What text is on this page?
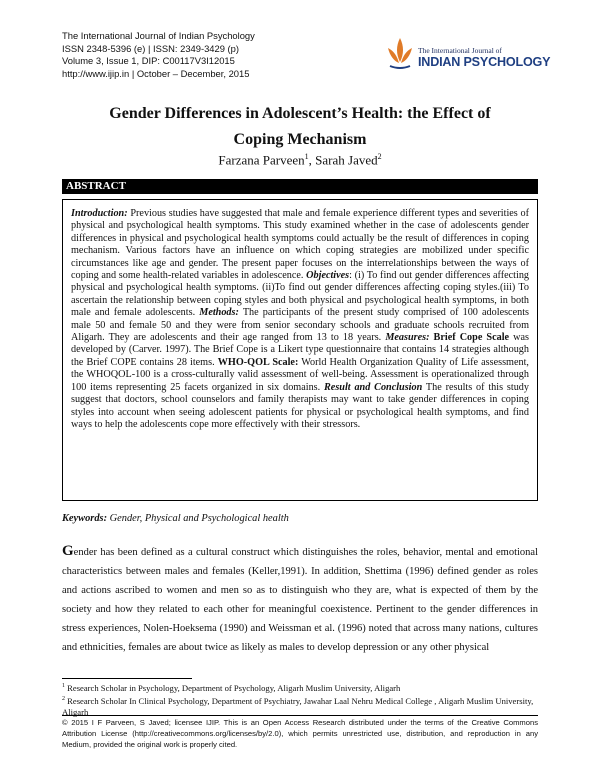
The International Journal of Indian Psychology
ISSN 2348-5396 (e) | ISSN: 2349-3429 (p)
Volume 3, Issue 1, DIP: C00117V3I12015
http://www.ijip.in | October – December, 2015
The International Journal of
INDIAN PSYCHOLOGY
Gender Differences in Adolescent’s Health: the Effect of
Coping Mechanism
Farzana Parveen$^1$, Sarah Javed$^2$
ABSTRACT
Introduction: Previous studies have suggested that male and female experience different types and severities of physical and psychological health symptoms. This study examined whether in the case of adolescents gender differences in physical and psychological health symptoms could actually be the result of differences in coping mechanism. Various factors have an influence on which coping strategies are mobilized under specific circumstances like age and gender. The present paper focuses on the interrelationships between the ways of coping and some health-related variables in adolescence. Objectives: (i) To find out gender differences affecting physical and psychological health symptoms. (ii)To find out gender differences affecting coping styles.(iii) To ascertain the relationship between coping styles and both physical and psychological health symptoms, in both male and female adolescents. Methods: The participants of the present study comprised of 100 adolescents male 50 and female 50 and they were from senior secondary schools and graduate schools recruited from Aligarh. They are adolescents and their age ranged from 13 to 18 years. Measures: Brief Cope Scale was developed by (Carver. 1997). The Brief Cope is a Likert type questionnaire that contains 14 strategies although the Brief COPE contains 28 items. WHO-QOL Scale: World Health Organization Quality of Life assessment, the WHOQOL-100 is a cross-culturally valid assessment of well-being. Assessment is operationalized through 100 items representing 25 facets organized in six domains. Result and Conclusion The results of this study suggest that doctors, school counselors and family therapists may want to take gender differences in coping styles into account when seeing adolescent patients for physical or psychological health symptoms, and find ways to help the adolescents cope more effectively with their stressors.
Keywords: Gender, Physical and Psychological health
Gender has been defined as a cultural construct which distinguishes the roles, behavior, mental and emotional characteristics between males and females (Keller,1991). In addition, Shettima (1996) defined gender as roles and actions ascribed to women and men so as to distinguish who they are, what is expected of them by the society and how they related to each other for meaningful coexistence. Pertinent to the gender differences in stress experiences, Nolen-Hoeksema (1990) and Weissman et al. (1996) noted that across many nations, cultures and ethnicities, females are about twice as likely as males to develop depression or any other physical
$^1$ Research Scholar in Psychology, Department of Psychology, Aligarh Muslim University, Aligarh
$^2$ Research Scholar In Clinical Psychology, Department of Psychiatry, Jawahar Laal Nehru Medical College , Aligarh Muslim University, Aligarh
© 2015 I F Parveen, S Javed; licensee IJIP. This is an Open Access Research distributed under the terms of the Creative Commons Attribution License (http://creativecommons.org/licenses/by/2.0), which permits unrestricted use, distribution, and reproduction in any Medium, provided the original work is properly cited.
